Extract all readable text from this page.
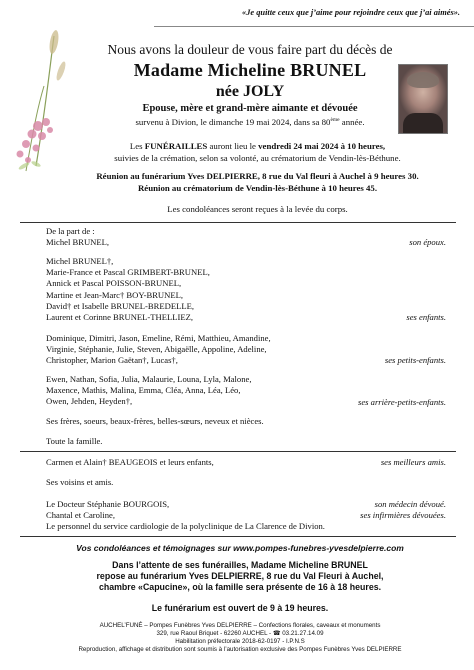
«Je quitte ceux que j’aime pour rejoindre ceux que j’ai aimés».
Nous avons la douleur de vous faire part du décès de
Madame Micheline BRUNEL
née JOLY
Epouse, mère et grand-mère aimante et dévouée
survenu à Divion, le dimanche 19 mai 2024, dans sa 80ème année.
Les FUNÉRAILLES auront lieu le vendredi 24 mai 2024 à 10 heures,
suivies de la crémation, selon sa volonté, au crématorium de Vendin-lès-Béthune.
Réunion au funérarium Yves DELPIERRE, 8 rue du Val fleuri à Auchel à 9 heures 30.
Réunion au crématorium de Vendin-lès-Béthune à 10 heures 45.
Les condoléances seront reçues à la levée du corps.
De la part de :
Michel BRUNEL,	son époux.
Michel BRUNEL†,
Marie-France et Pascal GRIMBERT-BRUNEL,
Annick et Pascal POISSON-BRUNEL,
Martine et Jean-Marc† BOY-BRUNEL,
David† et Isabelle BRUNEL-BREDELLE,
Laurent et Corinne BRUNEL-THELLIEZ,	ses enfants.
Dominique, Dimitri, Jason, Emeline, Rémi, Matthieu, Amandine,
Virginie, Stéphanie, Julie, Steven, Abigaëlle, Appoline, Adeline,
Christopher, Marion Gaëtan†, Lucas†,	ses petits-enfants.
Ewen, Nathan, Sofia, Julia, Malaurie, Louna, Lyla, Malone,
Maxence, Mathis, Malina, Emma, Cléa, Anna, Léa, Léo,
Owen, Jehden, Heyden†,	ses arrière-petits-enfants.
Ses frères, soeurs, beaux-frères, belles-sœurs, neveux et nièces.
Toute la famille.
Carmen et Alain† BEAUGEOIS et leurs enfants,	ses meilleurs amis.
Ses voisins et amis.
Le Docteur Stéphanie BOURGOIS,	son médecin dévoué.
Chantal et Caroline,	ses infirmières dévouées.
Le personnel du service cardiologie de la polyclinique de La Clarence de Divion.
Vos condoléances et témoignages sur www.pompes-funebres-yvesdelpierre.com
Dans l’attente de ses funérailles, Madame Micheline BRUNEL
repose au funérarium Yves DELPIERRE, 8 rue du Val Fleuri à Auchel,
chambre «Capucine», où la famille sera présente de 16 à 18 heures.
Le funérarium est ouvert de 9 à 19 heures.
AUCHEL’FUNÉ – Pompes Funèbres Yves DELPIERRE – Confections florales, caveaux et monuments
329, rue Raoul Briquet - 62260 AUCHEL - ☎ 03.21.27.14.09
Habilitation préfectorale 2018-62-0197 - I.P.N.S
Reproduction, affichage et distribution sont soumis à l’autorisation exclusive des Pompes Funèbres Yves DELPIERRE
